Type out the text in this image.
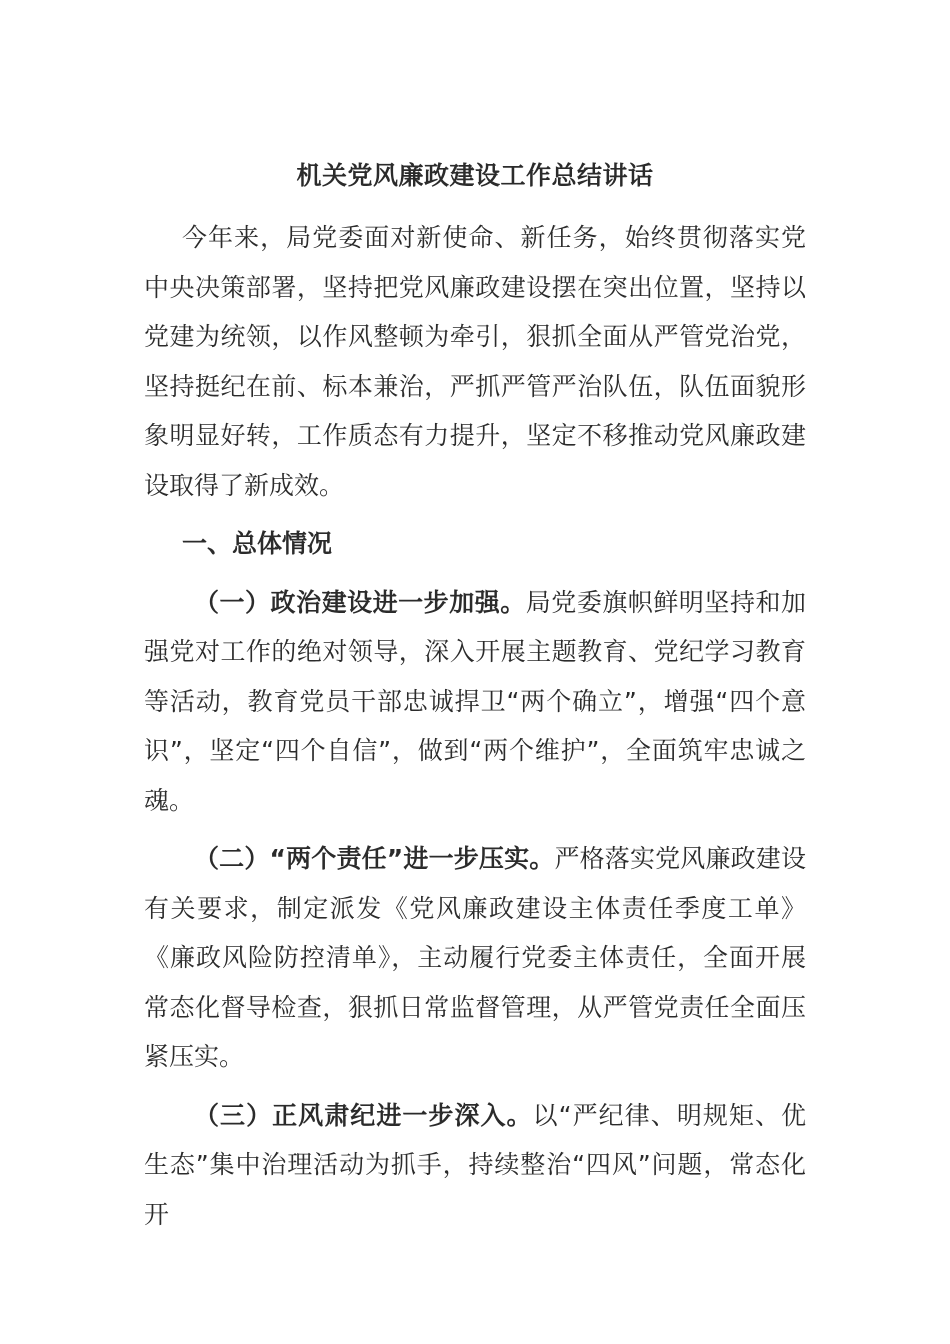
机关党风廉政建设工作总结讲话

今年来，局党委面对新使命、新任务，始终贯彻落实党中央决策部署，坚持把党风廉政建设摆在突出位置，坚持以党建为统领，以作风整顿为牵引，狠抓全面从严管党治党，坚持挺纪在前、标本兼治，严抓严管严治队伍，队伍面貌形象明显好转，工作质态有力提升，坚定不移推动党风廉政建设取得了新成效。

一、总体情况

（一）政治建设进一步加强。局党委旗帜鲜明坚持和加强党对工作的绝对领导，深入开展主题教育、党纪学习教育等活动，教育党员干部忠诚捍卫“两个确立”，增强“四个意识”，坚定“四个自信”，做到“两个维护”，全面筑牢忠诚之魂。

（二）“两个责任”进一步压实。严格落实党风廉政建设有关要求，制定派发《党风廉政建设主体责任季度工单》《廉政风险防控清单》，主动履行党委主体责任，全面开展常态化督导检查，狠抓日常监督管理，从严管党责任全面压紧压实。

（三）正风肃纪进一步深入。以“严纪律、明规矩、优生态”集中治理活动为抓手，持续整治“四风”问题，常态化开
